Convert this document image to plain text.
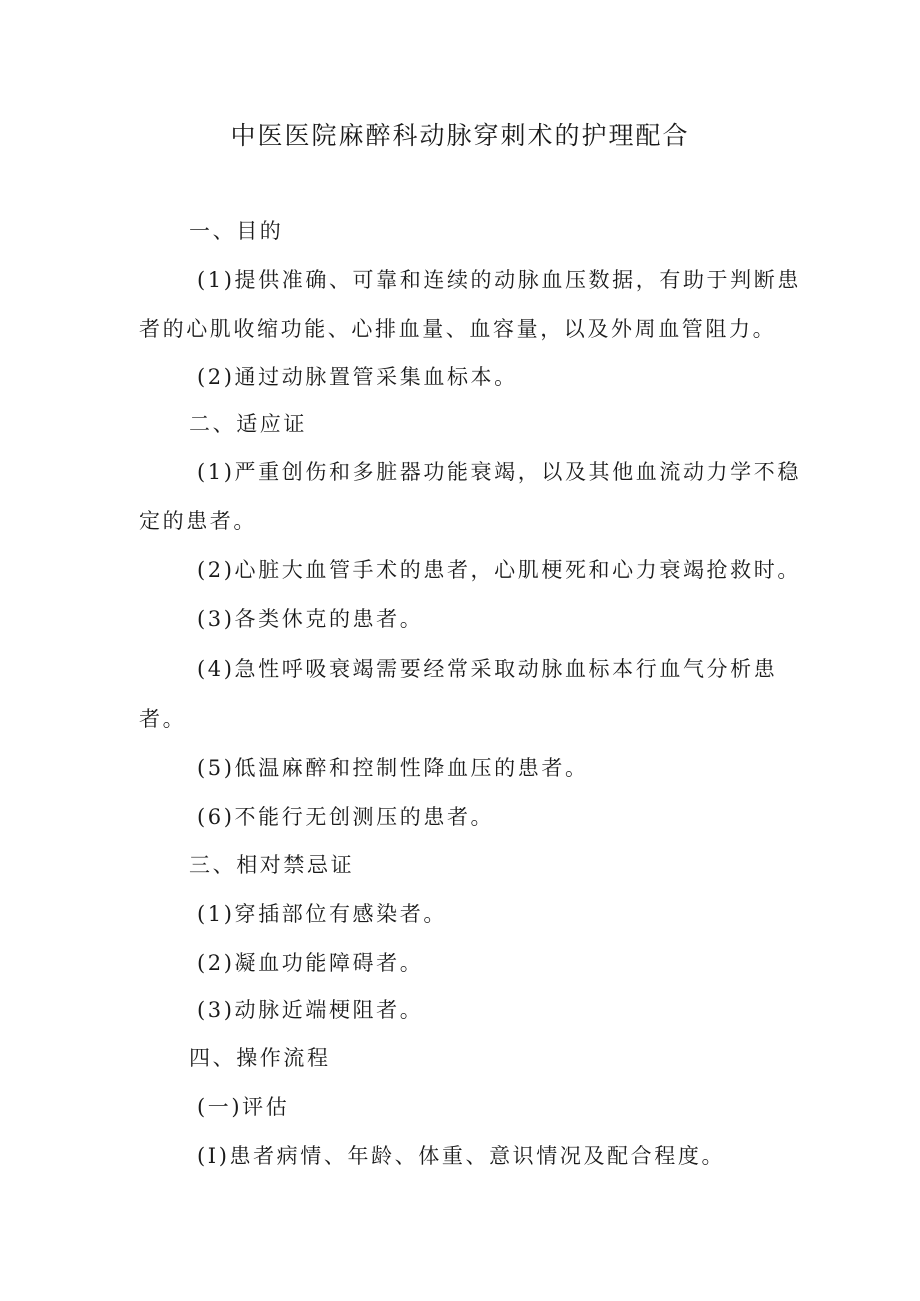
中医医院麻醉科动脉穿刺术的护理配合
一、目的
(1)提供准确、可靠和连续的动脉血压数据，有助于判断患
者的心肌收缩功能、心排血量、血容量，以及外周血管阻力。
(2)通过动脉置管采集血标本。
二、适应证
(1)严重创伤和多脏器功能衰竭，以及其他血流动力学不稳
定的患者。
(2)心脏大血管手术的患者，心肌梗死和心力衰竭抢救时。
(3)各类休克的患者。
(4)急性呼吸衰竭需要经常采取动脉血标本行血气分析患
者。
(5)低温麻醉和控制性降血压的患者。
(6)不能行无创测压的患者。
三、相对禁忌证
(1)穿插部位有感染者。
(2)凝血功能障碍者。
(3)动脉近端梗阻者。
四、操作流程
(一)评估
(I)患者病情、年龄、体重、意识情况及配合程度。
